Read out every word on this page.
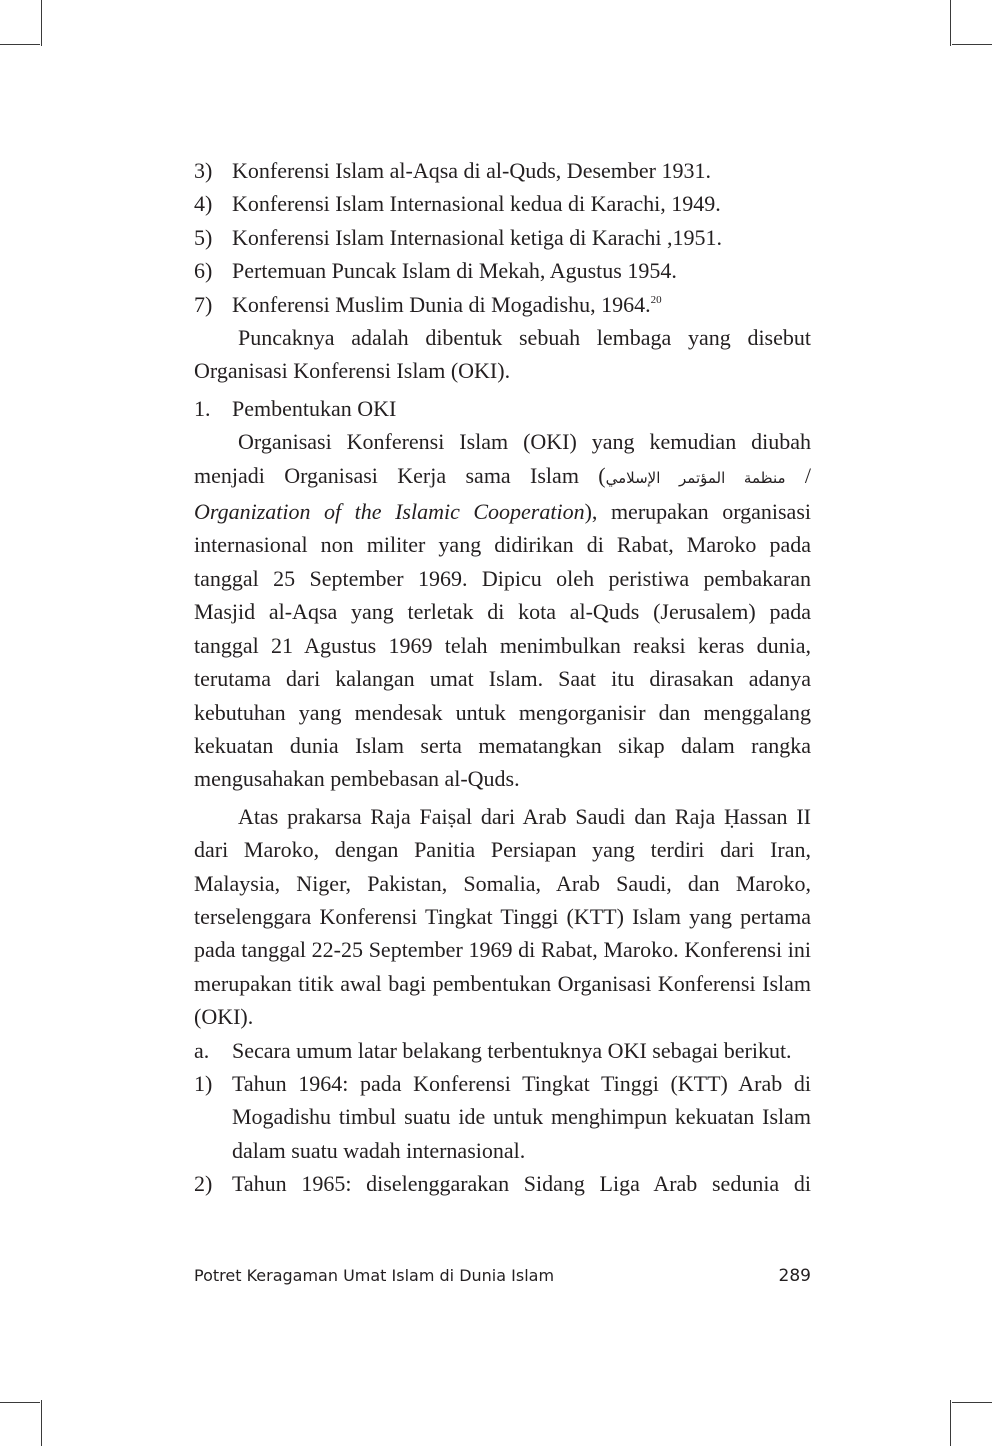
3) Konferensi Islam al-Aqsa di al-Quds, Desember 1931.
4) Konferensi Islam Internasional kedua di Karachi, 1949.
5) Konferensi Islam Internasional ketiga di Karachi ,1951.
6) Pertemuan Puncak Islam di Mekah, Agustus 1954.
7) Konferensi Muslim Dunia di Mogadishu, 1964.20

Puncaknya adalah dibentuk sebuah lembaga yang disebut Organisasi Konferensi Islam (OKI).

1. Pembentukan OKI

Organisasi Konferensi Islam (OKI) yang kemudian diubah menjadi Organisasi Kerja sama Islam (منظمة المؤتمر الإسلامي / Organization of the Islamic Cooperation), merupakan organisasi internasional non militer yang didirikan di Rabat, Maroko pada tanggal 25 September 1969. Dipicu oleh peristiwa pembakaran Masjid al-Aqsa yang terletak di kota al-Quds (Jerusalem) pada tanggal 21 Agustus 1969 telah menimbulkan reaksi keras dunia, terutama dari kalangan umat Islam. Saat itu dirasakan adanya kebutuhan yang mendesak untuk mengorganisir dan menggalang kekuatan dunia Islam serta mematangkan sikap dalam rangka mengusahakan pembebasan al-Quds.

Atas prakarsa Raja Faiṣal dari Arab Saudi dan Raja Ḥassan II dari Maroko, dengan Panitia Persiapan yang terdiri dari Iran, Malaysia, Niger, Pakistan, Somalia, Arab Saudi, dan Maroko, terselenggara Konferensi Tingkat Tinggi (KTT) Islam yang pertama pada tanggal 22-25 September 1969 di Rabat, Maroko. Konferensi ini merupakan titik awal bagi pembentukan Organisasi Konferensi Islam (OKI).

a. Secara umum latar belakang terbentuknya OKI sebagai berikut.
1) Tahun 1964: pada Konferensi Tingkat Tinggi (KTT) Arab di Mogadishu timbul suatu ide untuk menghimpun kekuatan Islam dalam suatu wadah internasional.
2) Tahun 1965: diselenggarakan Sidang Liga Arab sedunia di
Potret Keragaman Umat Islam di Dunia Islam	289
